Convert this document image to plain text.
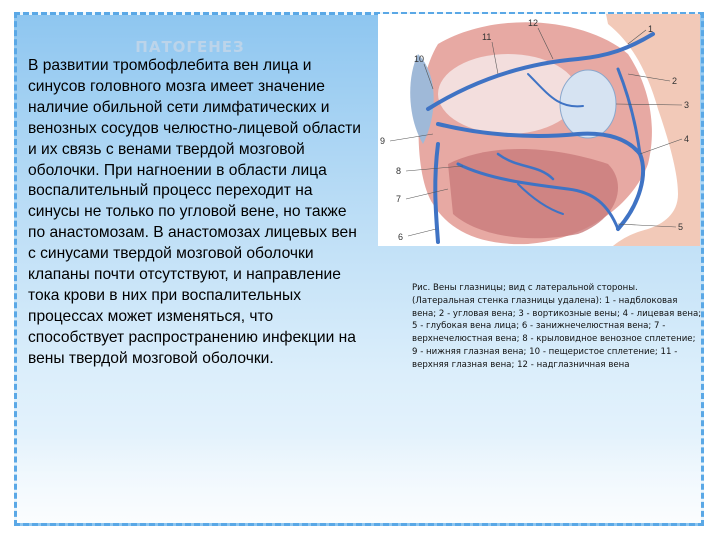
ПАТОГЕНЕЗ
В развитии тромбофлебита вен лица и синусов головного мозга имеет значение наличие обильной сети лимфатических и венозных сосудов челюстно-лицевой области и их связь с венами твердой мозговой оболочки. При нагноении в области лица воспалительный процесс переходит на синусы не только по угловой вене, но также по анастомозам. В анастомозах лицевых вен с синусами твердой мозговой оболочки клапаны почти отсутствуют, и направление тока крови в них при воспалительных процессах может изменяться, что способствует распространению инфекции на вены твердой мозговой оболочки.
1
2
3
4
5
6
7
8
9
10
11
12
Рис. Вены глазницы; вид с латеральной стороны. (Латеральная стенка глазницы удалена): 1 - надблоковая вена; 2 - угловая вена; 3 - вортикозные вены; 4 - лицевая вена; 5 - глубокая вена лица; 6 - занижнечелюстная вена; 7 - верхнечелюстная вена; 8 - крыловидное венозное сплетение; 9 - нижняя глазная вена; 10 - пещеристое сплетение; 11 - верхняя глазная вена; 12 - надглазничная вена
